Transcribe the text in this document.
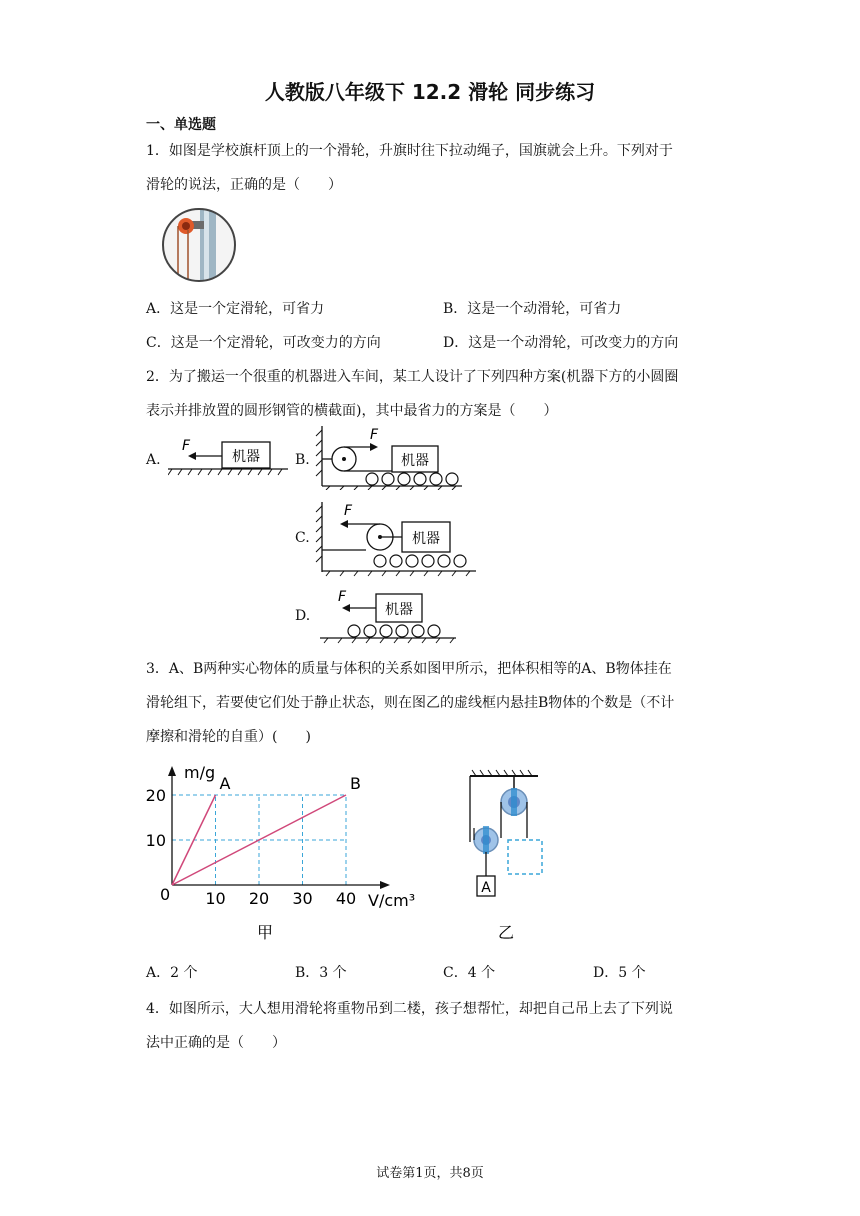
人教版八年级下 12.2 滑轮 同步练习
一、单选题
1．如图是学校旗杆顶上的一个滑轮，升旗时往下拉动绳子，国旗就会上升。下列对于
滑轮的说法，正确的是（　　）
A．这是一个定滑轮，可省力	B．这是一个动滑轮，可省力
C．这是一个定滑轮，可改变力的方向	D．这是一个动滑轮，可改变力的方向
2．为了搬运一个很重的机器进入车间，某工人设计了下列四种方案(机器下方的小圆圈
表示并排放置的圆形钢管的横截面)，其中最省力的方案是（　　）
A.	机器
F
B.
F
机器
C.
F
机器
D.	机器
F
3．A、B两种实心物体的质量与体积的关系如图甲所示，把体积相等的A、B物体挂在
滑轮组下，若要使它们处于静止状态，则在图乙的虚线框内悬挂B物体的个数是（不计
摩擦和滑轮的自重）(　　)
A	B
10 20 30 40
10
20
m/g
V/cm³
0
甲
A
乙
A．2 个	B．3 个	C．4 个	D．5 个
4．如图所示，大人想用滑轮将重物吊到二楼，孩子想帮忙，却把自己吊上去了下列说
法中正确的是（　　）
试卷第1页，共8页
